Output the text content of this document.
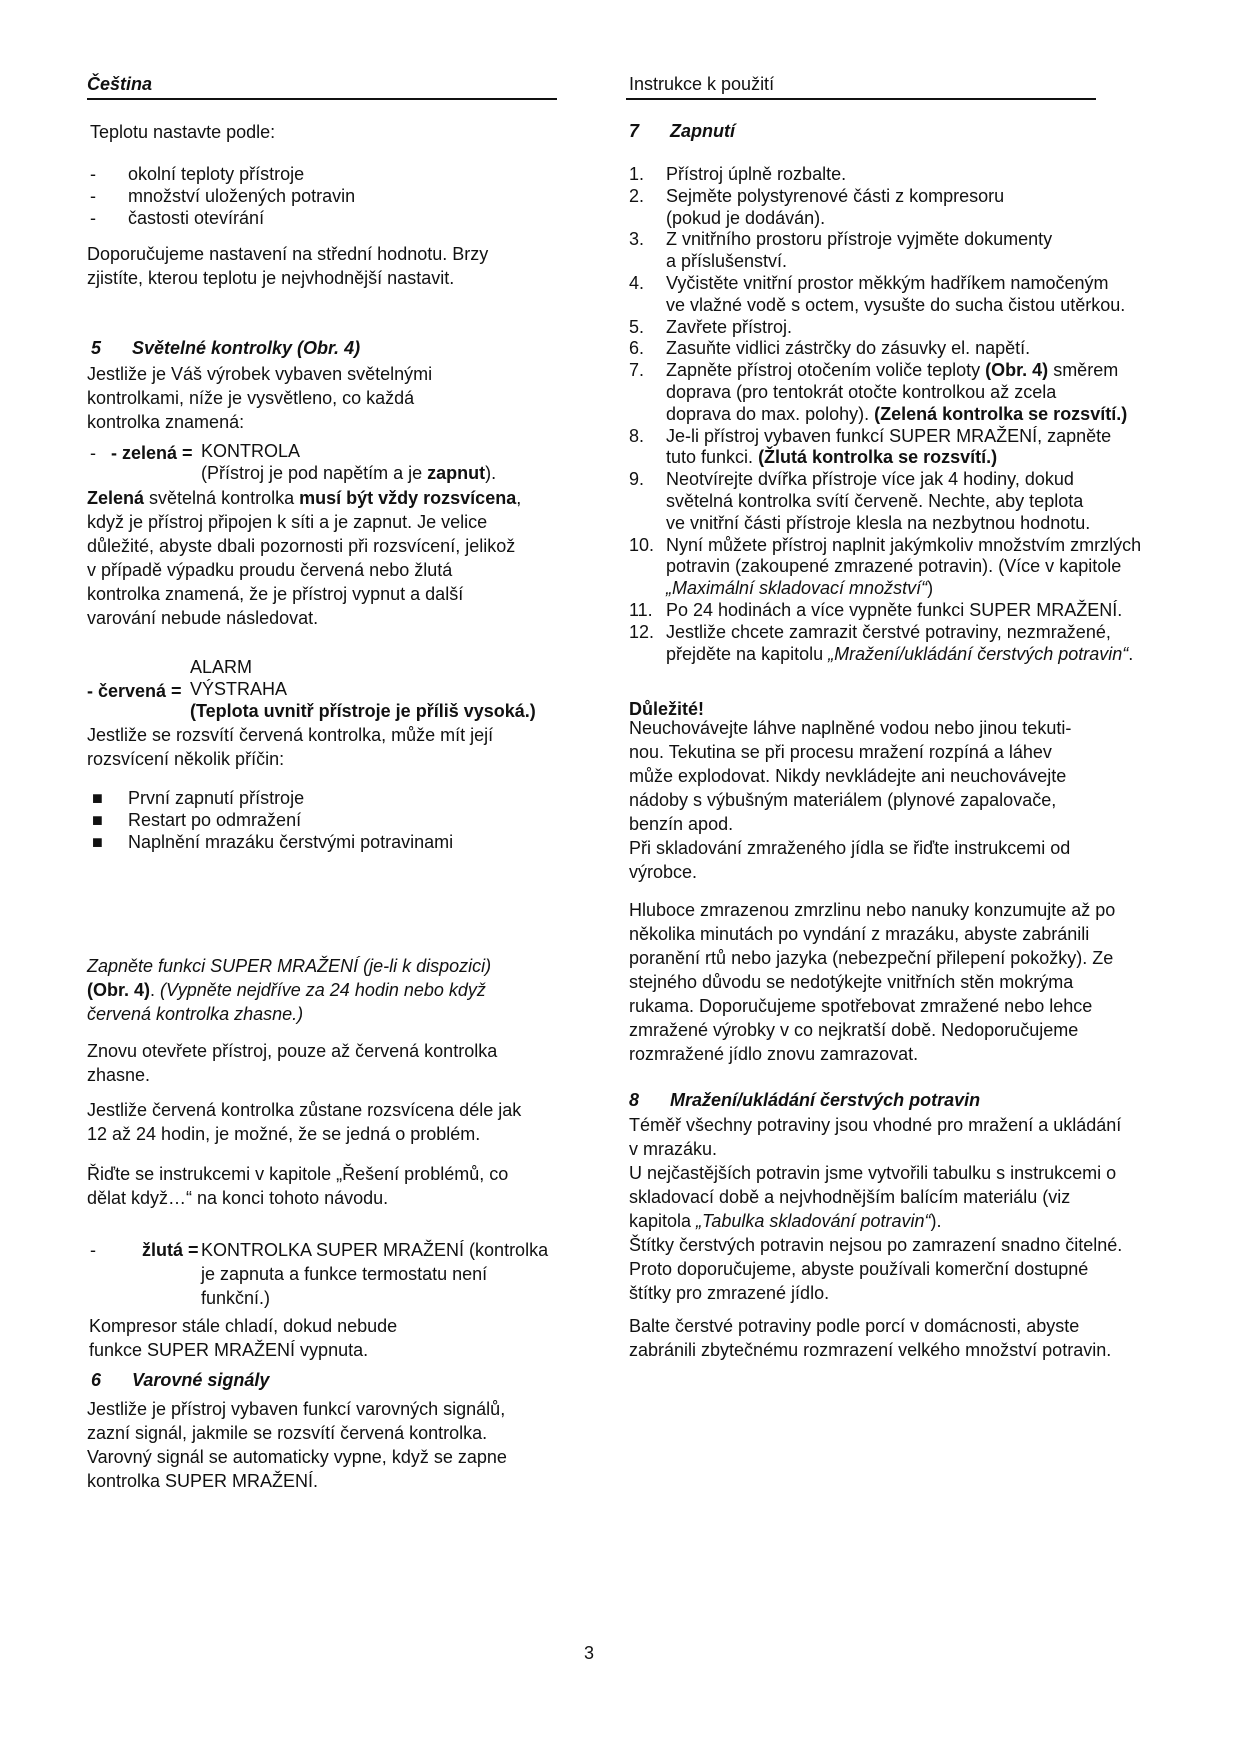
Čeština	Instrukce k použití
Teplotu nastavte podle:
-	okolní teploty přístroje
-	množství uložených potravin
-	častosti otevírání
Doporučujeme nastavení na střední hodnotu. Brzy
zjistíte, kterou teplotu je nejvhodnější nastavit.
5 Světelné kontrolky (Obr. 4)
Jestliže je Váš výrobek vybaven světelnými
kontrolkami, níže je vysvětleno, co každá
kontrolka znamená:
- - zelená = KONTROLA
(Přístroj je pod napětím a je zapnut).
Zelená světelná kontrolka musí být vždy rozsvícena,
když je přístroj připojen k síti a je zapnut. Je velice
důležité, abyste dbali pozornosti při rozsvícení, jelikož
v případě výpadku proudu červená nebo žlutá
kontrolka znamená, že je přístroj vypnut a další
varování nebude následovat.
ALARM
VÝSTRAHA
(Teplota uvnitř přístroje je příliš vysoká.)
- červená =
Jestliže se rozsvítí červená kontrolka, může mít její
rozsvícení několik příčin:
■	První zapnutí přístroje
■	Restart po odmražení
■	Naplnění mrazáku čerstvými potravinami
Zapněte funkci SUPER MRAŽENÍ (je-li k dispozici)
(Obr. 4). (Vypněte nejdříve za 24 hodin nebo když
červená kontrolka zhasne.)
Znovu otevřete přístroj, pouze až červená kontrolka
zhasne.
Jestliže červená kontrolka zůstane rozsvícena déle jak
12 až 24 hodin, je možné, že se jedná o problém.
Řiďte se instrukcemi v kapitole „Řešení problémů, co
dělat když…“ na konci tohoto návodu.
-	žlutá = KONTROLKA SUPER MRAŽENÍ (kontrolka
je zapnuta a funkce termostatu není
funkční.)
Kompresor stále chladí, dokud nebude
funkce SUPER MRAŽENÍ vypnuta.
6 Varovné signály
Jestliže je přístroj vybaven funkcí varovných signálů,
zazní signál, jakmile se rozsvítí červená kontrolka.
Varovný signál se automaticky vypne, když se zapne
kontrolka SUPER MRAŽENÍ.
7 Zapnutí
1.	Přístroj úplně rozbalte.
2.	Sejměte polystyrenové části z kompresoru
(pokud je dodáván).
3.	Z vnitřního prostoru přístroje vyjměte dokumenty
a příslušenství.
4.	Vyčistěte vnitřní prostor měkkým hadříkem namočeným
ve vlažné vodě s octem, vysušte do sucha čistou utěrkou.
5.	Zavřete přístroj.
6.	Zasuňte vidlici zástrčky do zásuvky el. napětí.
7.	Zapněte přístroj otočením voliče teploty (Obr. 4) směrem
doprava (pro tentokrát otočte kontrolkou až zcela
doprava do max. polohy). (Zelená kontrolka se rozsvítí.)
8.	Je-li přístroj vybaven funkcí SUPER MRAŽENÍ, zapněte
tuto funkci. (Žlutá kontrolka se rozsvítí.)
9.	Neotvírejte dvířka přístroje více jak 4 hodiny, dokud
světelná kontrolka svítí červeně. Nechte, aby teplota
ve vnitřní části přístroje klesla na nezbytnou hodnotu.
10. Nyní můžete přístroj naplnit jakýmkoliv množstvím zmrzlých
potravin (zakoupené zmrazené potravin). (Více v kapitole
„Maximální skladovací množství“)
11. Po 24 hodinách a více vypněte funkci SUPER MRAŽENÍ.
12. Jestliže chcete zamrazit čerstvé potraviny, nezmražené,
přejděte na kapitolu „Mražení/ukládání čerstvých potravin“.
Důležité!
Neuchovávejte láhve naplněné vodou nebo jinou tekuti-
nou. Tekutina se při procesu mražení rozpíná a láhev
může explodovat. Nikdy nevkládejte ani neuchovávejte
nádoby s výbušným materiálem (plynové zapalovače,
benzín apod.
Při skladování zmraženého jídla se řiďte instrukcemi od
výrobce.
Hluboce zmrazenou zmrzlinu nebo nanuky konzumujte až po
několika minutách po vyndání z mrazáku, abyste zabránili
poranění rtů nebo jazyka (nebezpeční přilepení pokožky). Ze
stejného důvodu se nedotýkejte vnitřních stěn mokrýma
rukama. Doporučujeme spotřebovat zmražené nebo lehce
zmražené výrobky v co nejkratší době. Nedoporučujeme
rozmražené jídlo znovu zamrazovat.
8 Mražení/ukládání čerstvých potravin
Téměř všechny potraviny jsou vhodné pro mražení a ukládání
v mrazáku.
U nejčastějších potravin jsme vytvořili tabulku s instrukcemi o
skladovací době a nejvhodnějším balícím materiálu (viz
kapitola „Tabulka skladování potravin“).
Štítky čerstvých potravin nejsou po zamrazení snadno čitelné.
Proto doporučujeme, abyste používali komerční dostupné
štítky pro zmrazené jídlo.
Balte čerstvé potraviny podle porcí v domácnosti, abyste
zabránili zbytečnému rozmrazení velkého množství potravin.
3
